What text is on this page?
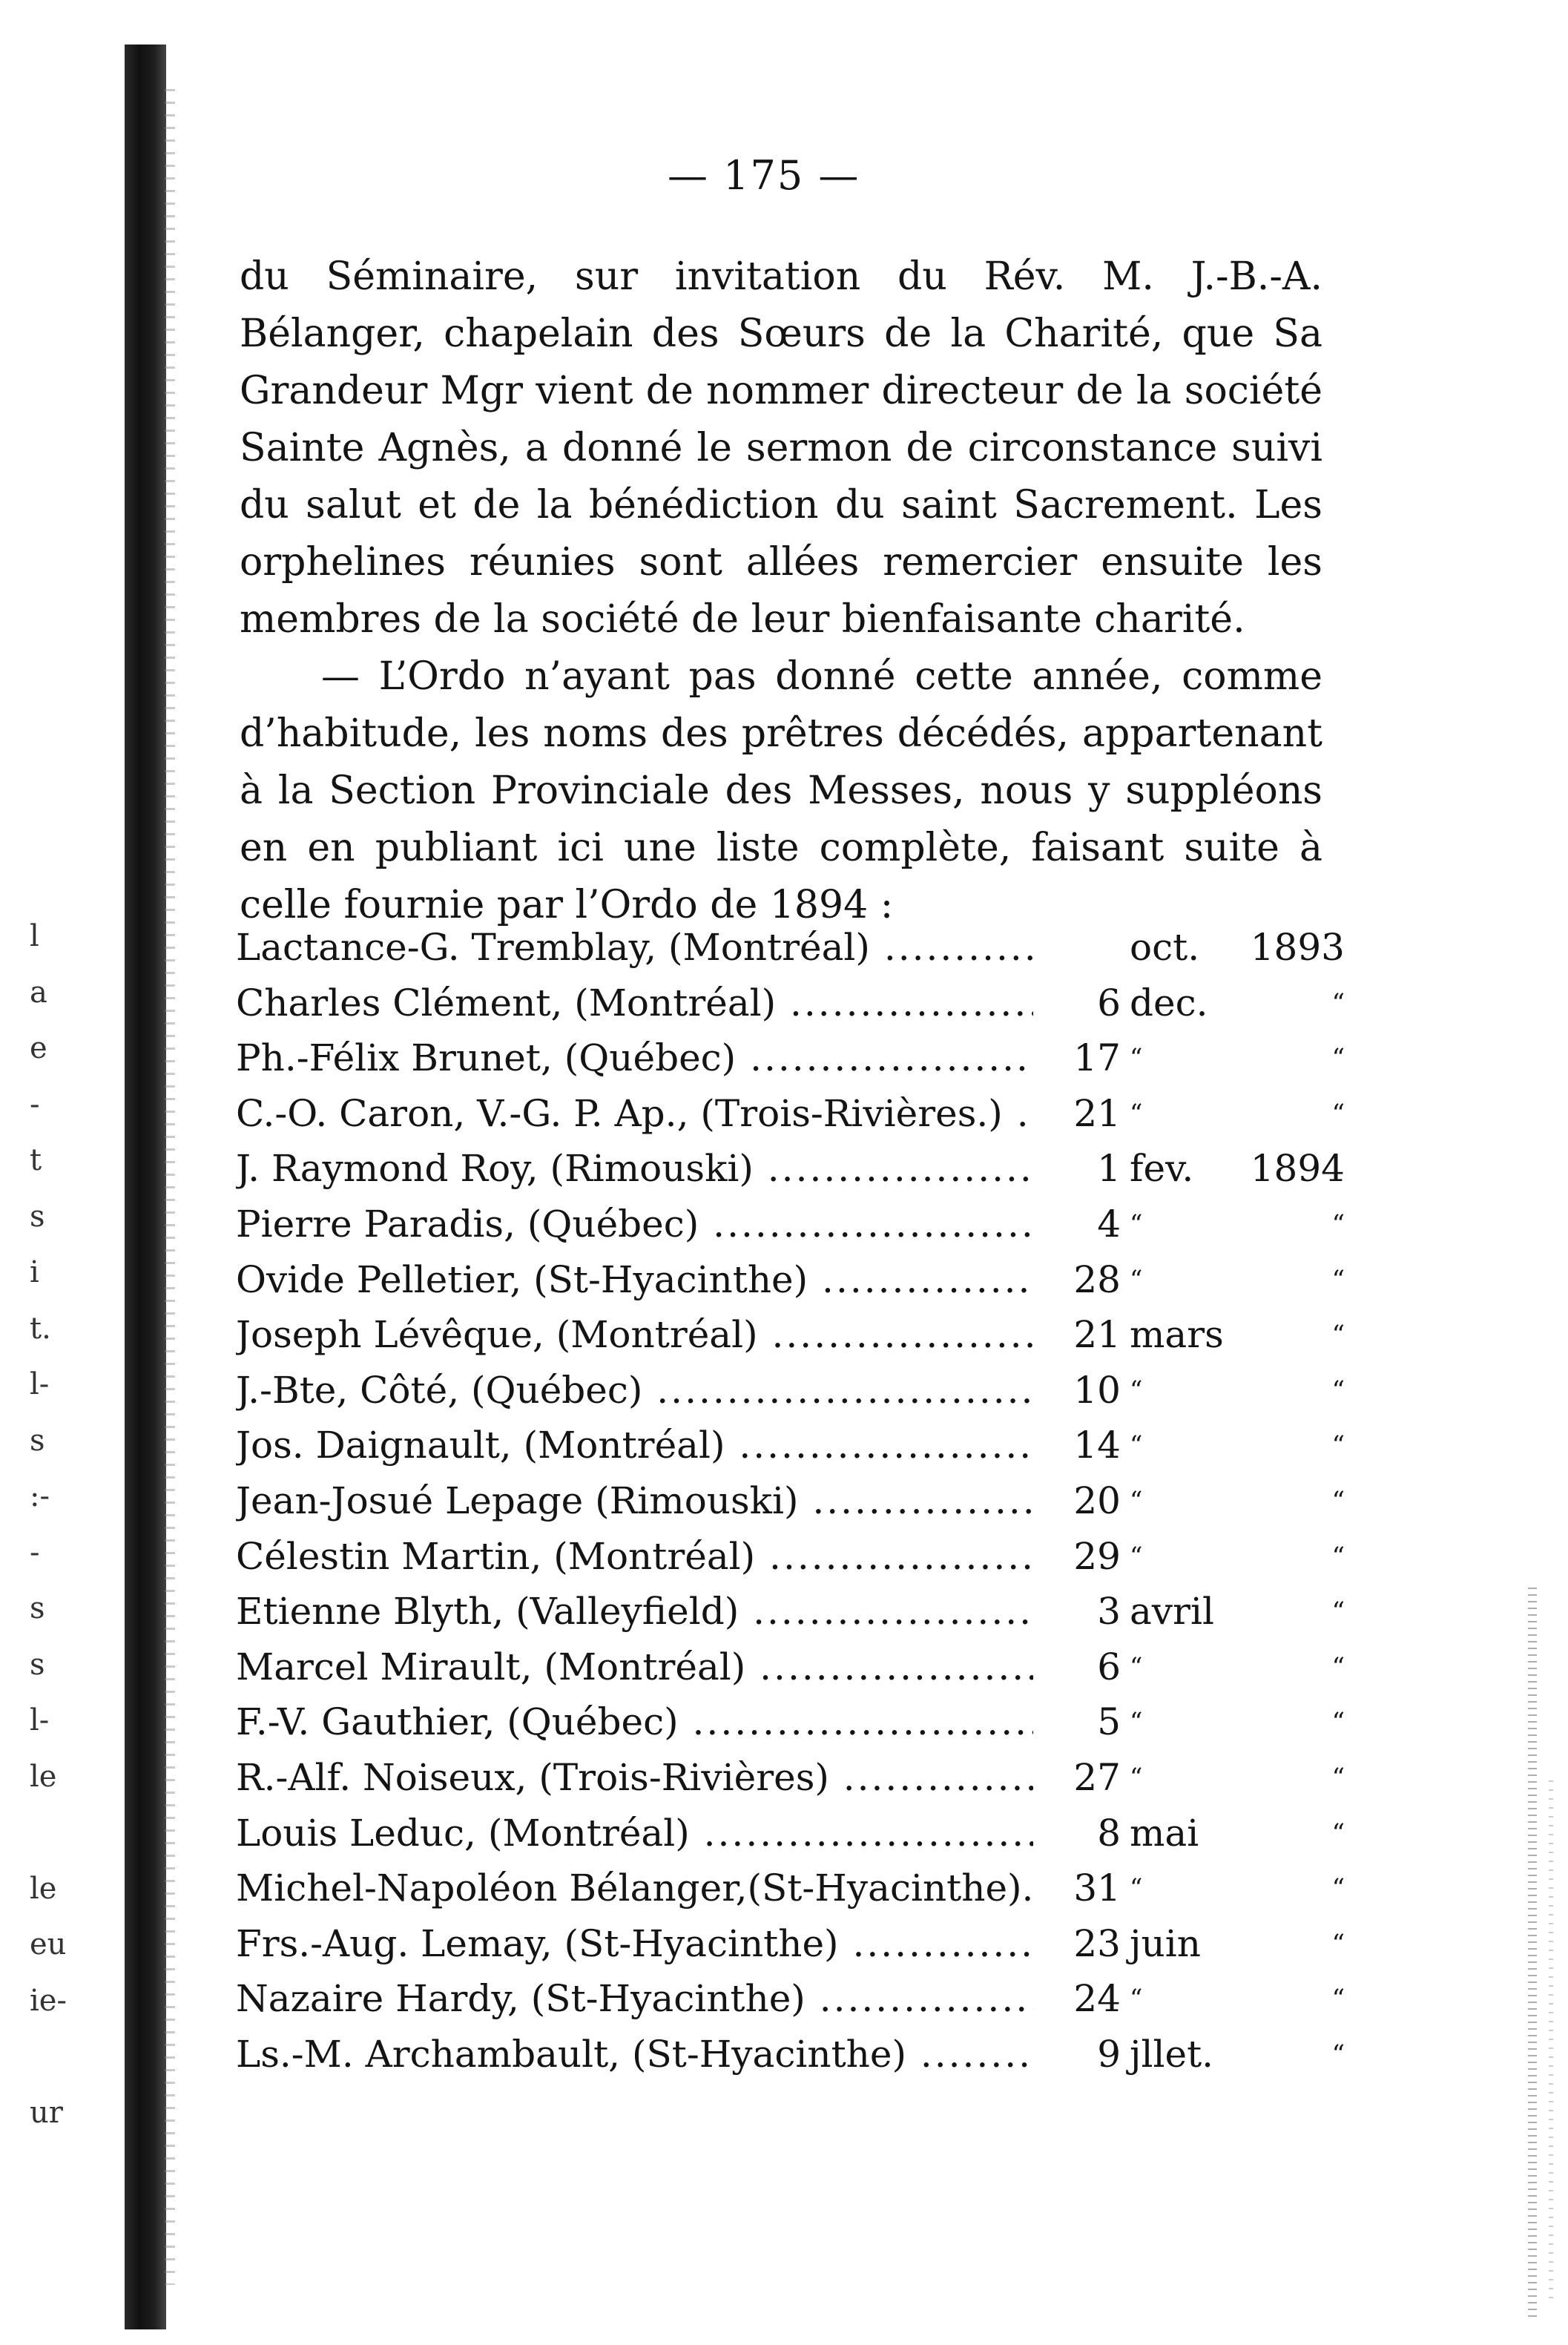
l
a
e
-
t
s
i
t.
l-
s
:-
-
s
s
l-
le
le
eu
ie-
ur
— 175 —

du Séminaire, sur invitation du Rév. M. J.-B.-A. Bélanger, chapelain des Sœurs de la Charité, que Sa Grandeur Mgr vient de nommer directeur de la société Sainte Agnès, a donné le sermon de circonstance suivi du salut et de la bénédiction du saint Sacrement. Les orphelines réunies sont allées remercier ensuite les membres de la société de leur bienfaisante charité.

— L’Ordo n’ayant pas donné cette année, comme d’habitude, les noms des prêtres décédés, appartenant à la Section Provinciale des Messes, nous y suppléons en en publiant ici une liste complète, faisant suite à celle fournie par l’Ordo de 1894 :

Lactance-G. Tremblay, (Montréal) .....	oct.	1893
Charles Clément, (Montréal) .....	6 dec.	“
Ph.-Félix Brunet, (Québec) .....	17 “	“
C.-O. Caron, V.-G. P. Ap., (Trois-Rivières.) .....	21 “	“
J. Raymond Roy, (Rimouski) .....	1 fev.	1894
Pierre Paradis, (Québec) .....	4 “	“
Ovide Pelletier, (St-Hyacinthe) .....	28 “	“
Joseph Lévêque, (Montréal) .....	21 mars	“
J.-Bte, Côté, (Québec) .....	10 “	“
Jos. Daignault, (Montréal) .....	14 “	“
Jean-Josué Lepage (Rimouski) .....	20 “	“
Célestin Martin, (Montréal) .....	29 “	“
Etienne Blyth, (Valleyfield) .....	3 avril	“
Marcel Mirault, (Montréal) .....	6 “	“
F.-V. Gauthier, (Québec) .....	5 “	“
R.-Alf. Noiseux, (Trois-Rivières) .....	27 “	“
Louis Leduc, (Montréal) .....	8 mai	“
Michel-Napoléon Bélanger,(St-Hyacinthe). .....	31 “	“
Frs.-Aug. Lemay, (St-Hyacinthe) .....	23 juin	“
Nazaire Hardy, (St-Hyacinthe) .....	24 “	“
Ls.-M. Archambault, (St-Hyacinthe) .....	9 jllet.	“
